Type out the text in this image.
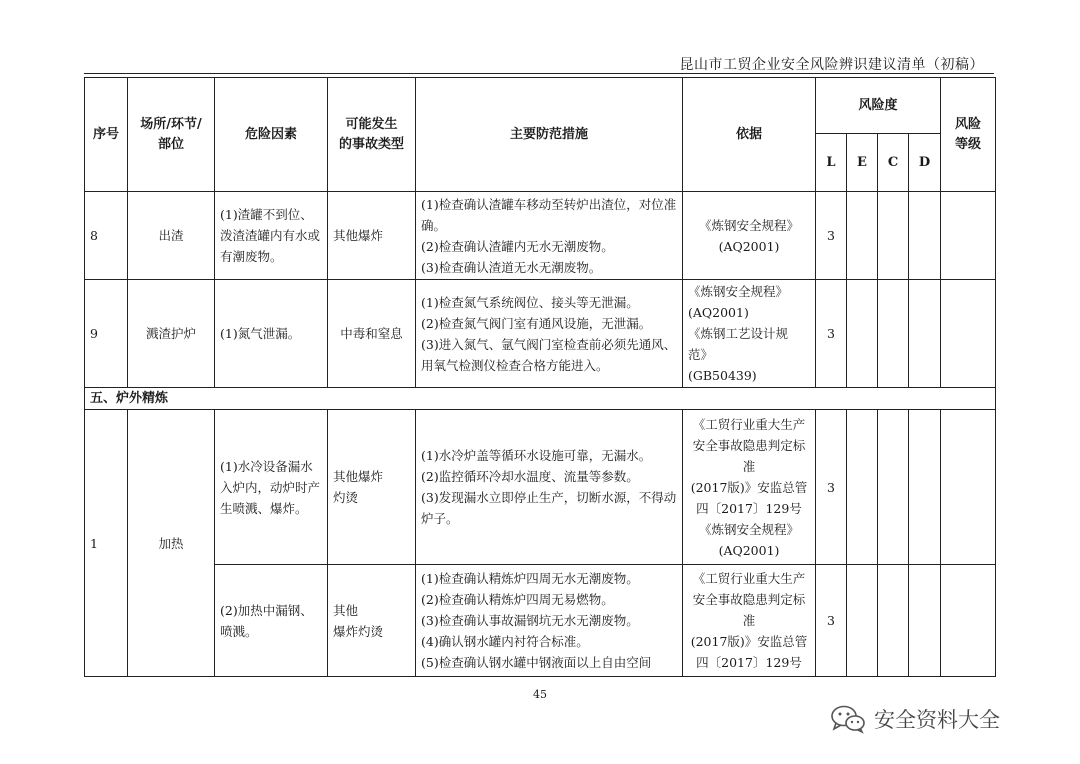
昆山市工贸企业安全风险辨识建议清单（初稿）
序号	场所/环节/
部位	危险因素	可能发生
的事故类型	主要防范措施	依据	风险度				风险
等级
						L	E	C	D	
8	出渣	(1)渣罐不到位、泼渣渣罐内有水或有潮废物。	其他爆炸	(1)检查确认渣罐车移动至转炉出渣位，对位准确。
(2)检查确认渣罐内无水无潮废物。
(3)检查确认渣道无水无潮废物。	《炼钢安全规程》
(AQ2001)	3				
9	溅渣护炉	(1)氮气泄漏。	中毒和窒息	(1)检查氮气系统阀位、接头等无泄漏。
(2)检查氮气阀门室有通风设施，无泄漏。
(3)进入氮气、氩气阀门室检查前必须先通风、用氧气检测仪检查合格方能进入。	《炼钢安全规程》
(AQ2001)
《炼钢工艺设计规范》
(GB50439)	3				
五、炉外精炼										
1	加热	(1)水冷设备漏水入炉内，动炉时产生喷溅、爆炸。	其他爆炸
灼烫	(1)水冷炉盖等循环水设施可靠，无漏水。
(2)监控循环冷却水温度、流量等参数。
(3)发现漏水立即停止生产，切断水源，不得动炉子。	《工贸行业重大生产安全事故隐患判定标准
(2017版)》安监总管四〔2017〕129号
《炼钢安全规程》
(AQ2001)	3				
		(2)加热中漏钢、喷溅。	其他
爆炸灼烫	(1)检查确认精炼炉四周无水无潮废物。
(2)检查确认精炼炉四周无易燃物。
(3)检查确认事故漏钢坑无水无潮废物。
(4)确认钢水罐内衬符合标准。
(5)检查确认钢水罐中钢液面以上自由空间	《工贸行业重大生产安全事故隐患判定标准
(2017版)》安监总管四〔2017〕129号	3				
45
安全资料大全
